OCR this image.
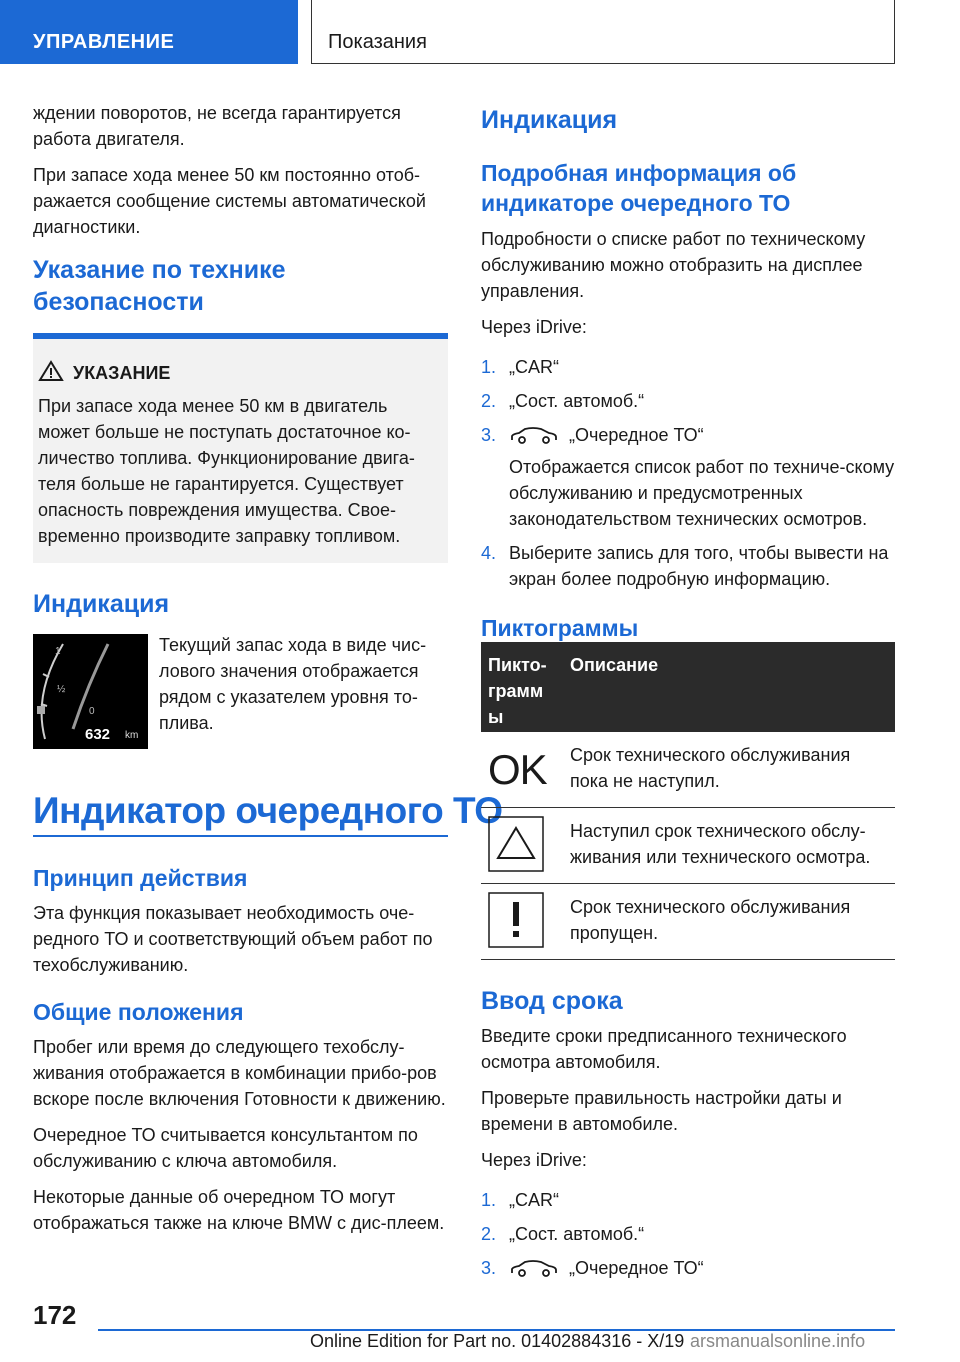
УПРАВЛЕНИЕ	Показания

ждении поворотов, не всегда гарантируется работа двигателя.

При запасе хода менее 50 км постоянно отоб-ражается сообщение системы автоматической диагностики.

Указание по технике безопасности
УКАЗАНИЕ
При запасе хода менее 50 км в двигатель может больше не поступать достаточное ко-личество топлива. Функционирование двига-теля больше не гарантируется. Существует опасность повреждения имущества. Свое-временно производите заправку топливом.
Индикация
1
½
0
632 km
Текущий запас хода в виде чис-лового значения отображается рядом с указателем уровня то-плива.
Индикатор очередного ТО
Принцип действия

Эта функция показывает необходимость оче-редного ТО и соответствующий объем работ по техобслуживанию.

Общие положения

Пробег или время до следующего техобслу-живания отображается в комбинации прибо-ров вскоре после включения Готовности к движению.

Очередное ТО считывается консультантом по обслуживанию с ключа автомобиля.

Некоторые данные об очередном ТО могут отображаться также на ключе BMW с дис-плеем.

Индикация
Подробная информация об индикаторе очередного ТО

Подробности о списке работ по техническому обслуживанию можно отобразить на дисплее управления.

Через iDrive:

1. „CAR“
2. „Сост. автомоб.“
3.	„Очередное ТО“
Отображается список работ по техниче-скому обслуживанию и предусмотренных законодательством технических осмотров.
4. Выберите запись для того, чтобы вывести на экран более подробную информацию.
Пиктограммы
Пикто-грамм ы
Описание
OK Срок технического обслуживания пока не наступил.
Наступил срок технического обслу-живания или технического осмотра.
Срок технического обслуживания пропущен.
Ввод срока

Введите сроки предписанного технического осмотра автомобиля.

Проверьте правильность настройки даты и времени в автомобиле.

Через iDrive:

1. „CAR“
2. „Сост. автомоб.“
3.	„Очередное ТО“
172
Online Edition for Part no. 01402884316 - X/19 arsmanualsonline.info
